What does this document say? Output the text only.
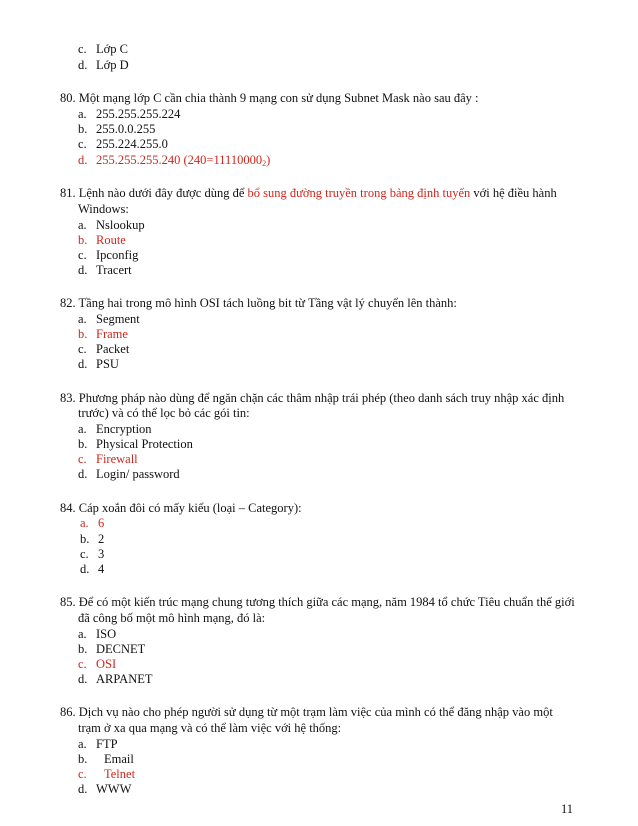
c. Lớp C
d. Lớp D
80. Một mạng lớp C cần chia thành 9 mạng con sử dụng Subnet Mask nào sau đây :
a. 255.255.255.224
b. 255.0.0.255
c. 255.224.255.0
d. 255.255.255.240 $(240=11110000_2)$
81. Lệnh nào dưới đây được dùng để bổ sung đường truyền trong bảng định tuyến với hệ điều hành
Windows:
a. Nslookup
b. Route
c. Ipconfig
d. Tracert
82. Tầng hai trong mô hình OSI tách luồng bit từ Tầng vật lý chuyển lên thành:
a. Segment
b. Frame
c. Packet
d. PSU
83. Phương pháp nào dùng để ngăn chặn các thâm nhập trái phép (theo danh sách truy nhập xác định
trước) và có thể lọc bỏ các gói tin:
a. Encryption
b. Physical Protection
c. Firewall
d. Login/ password
84. Cáp xoắn đôi có mấy kiểu (loại – Category):
a. 6
b. 2
c. 3
d. 4
85. Để có một kiến trúc mạng chung tương thích giữa các mạng, năm 1984 tổ chức Tiêu chuẩn thế giới
đã công bố một mô hình mạng, đó là:
a. ISO
b. DECNET
c. OSI
d. ARPANET
86. Dịch vụ nào cho phép người sử dụng từ một trạm làm việc của mình có thể đăng nhập vào một
trạm ở xa qua mạng và có thể làm việc với hệ thống:
a. FTP
b. Email
c. Telnet
d. WWW
11
